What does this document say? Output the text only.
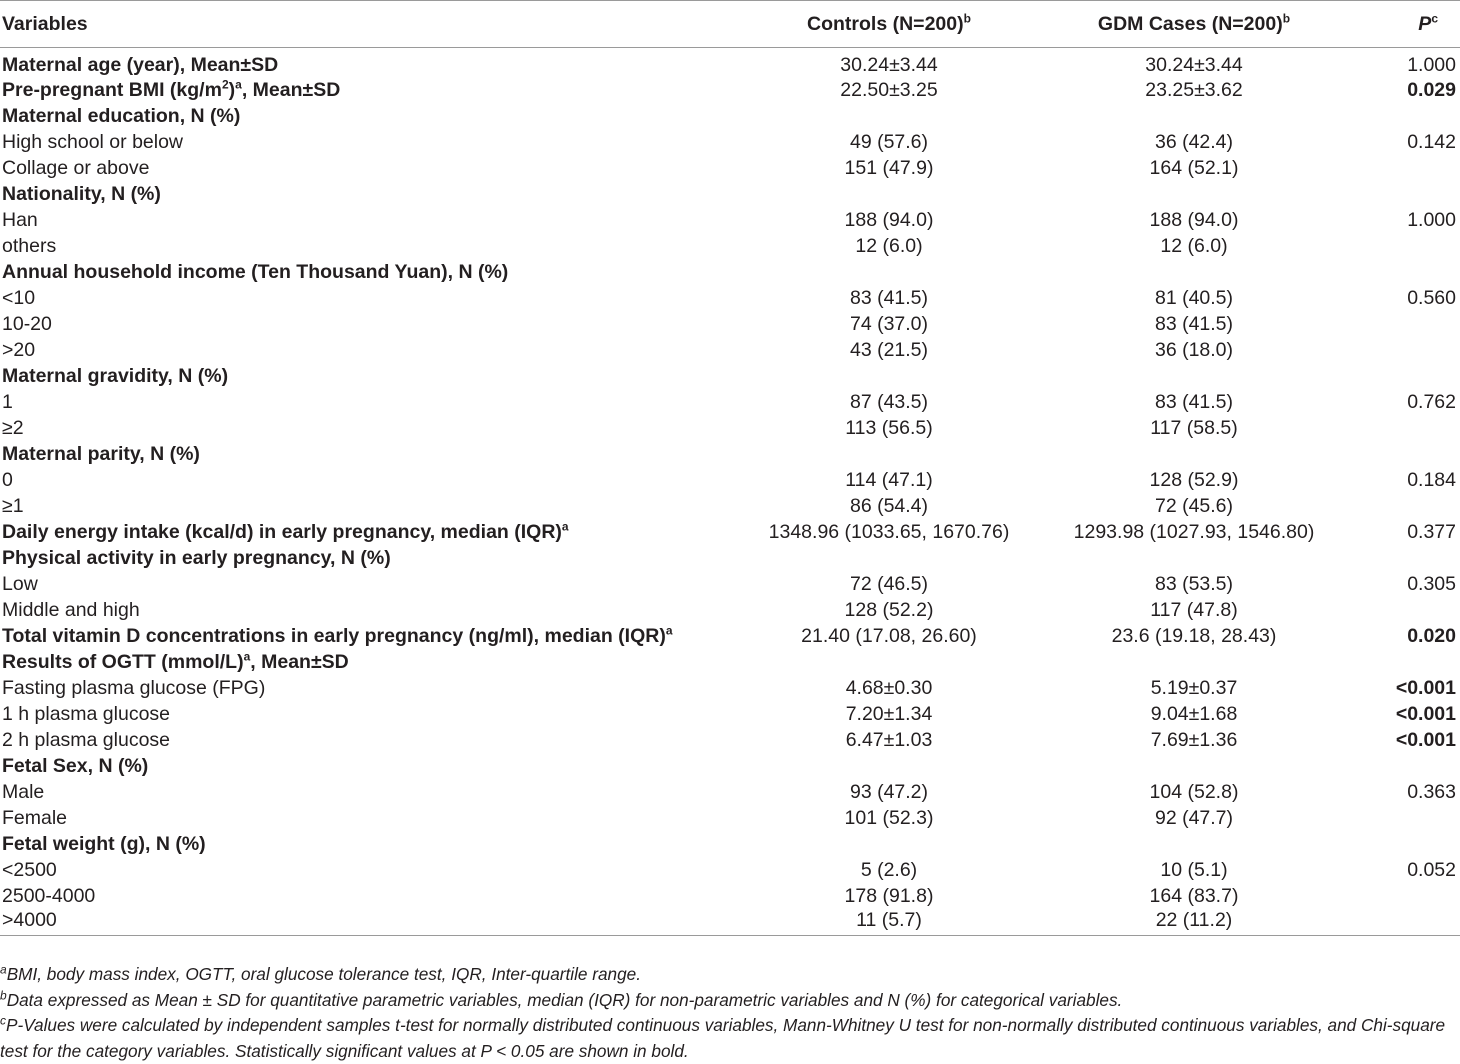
Variables	Controls (N=200)$^b$	GDM Cases (N=200)$^b$	$P^c$
Maternal age (year), Mean±SD	30.24±3.44	30.24±3.44	1.000
Pre-pregnant BMI $(kg/m^2)^a$, Mean±SD	22.50±3.25	23.25±3.62	0.029
Maternal education, N (%)			
High school or below	49 (57.6)	36 (42.4)	0.142
Collage or above	151 (47.9)	164 (52.1)	
Nationality, N (%)			
Han	188 (94.0)	188 (94.0)	1.000
others	12 (6.0)	12 (6.0)	
Annual household income (Ten Thousand Yuan), N (%)			
<10	83 (41.5)	81 (40.5)	0.560
10-20	74 (37.0)	83 (41.5)	
>20	43 (21.5)	36 (18.0)	
Maternal gravidity, N (%)			
1	87 (43.5)	83 (41.5)	0.762
≥2	113 (56.5)	117 (58.5)	
Maternal parity, N (%)			
0	114 (47.1)	128 (52.9)	0.184
≥1	86 (54.4)	72 (45.6)	
Daily energy intake (kcal/d) in early pregnancy, median (IQR)$^a$	1348.96 (1033.65, 1670.76)	1293.98 (1027.93, 1546.80)	0.377
Physical activity in early pregnancy, N (%)			
Low	72 (46.5)	83 (53.5)	0.305
Middle and high	128 (52.2)	117 (47.8)	
Total vitamin D concentrations in early pregnancy (ng/ml), median (IQR)$^a$	21.40 (17.08, 26.60)	23.6 (19.18, 28.43)	0.020
Results of OGTT (mmol/L)$^a$, Mean±SD			
Fasting plasma glucose (FPG)	4.68±0.30	5.19±0.37	<0.001
1 h plasma glucose	7.20±1.34	9.04±1.68	<0.001
2 h plasma glucose	6.47±1.03	7.69±1.36	<0.001
Fetal Sex, N (%)			
Male	93 (47.2)	104 (52.8)	0.363
Female	101 (52.3)	92 (47.7)	
Fetal weight (g), N (%)			
<2500	5 (2.6)	10 (5.1)	0.052
2500-4000	178 (91.8)	164 (83.7)	
>4000	11 (5.7)	22 (11.2)	

$^a$BMI, body mass index, OGTT, oral glucose tolerance test, IQR, Inter-quartile range.

$^b$Data expressed as Mean ± SD for quantitative parametric variables, median (IQR) for non-parametric variables and N (%) for categorical variables.

$^c$P-Values were calculated by independent samples t-test for normally distributed continuous variables, Mann-Whitney U test for non-normally distributed continuous variables, and Chi-square test for the category variables. Statistically significant values at P < 0.05 are shown in bold.
